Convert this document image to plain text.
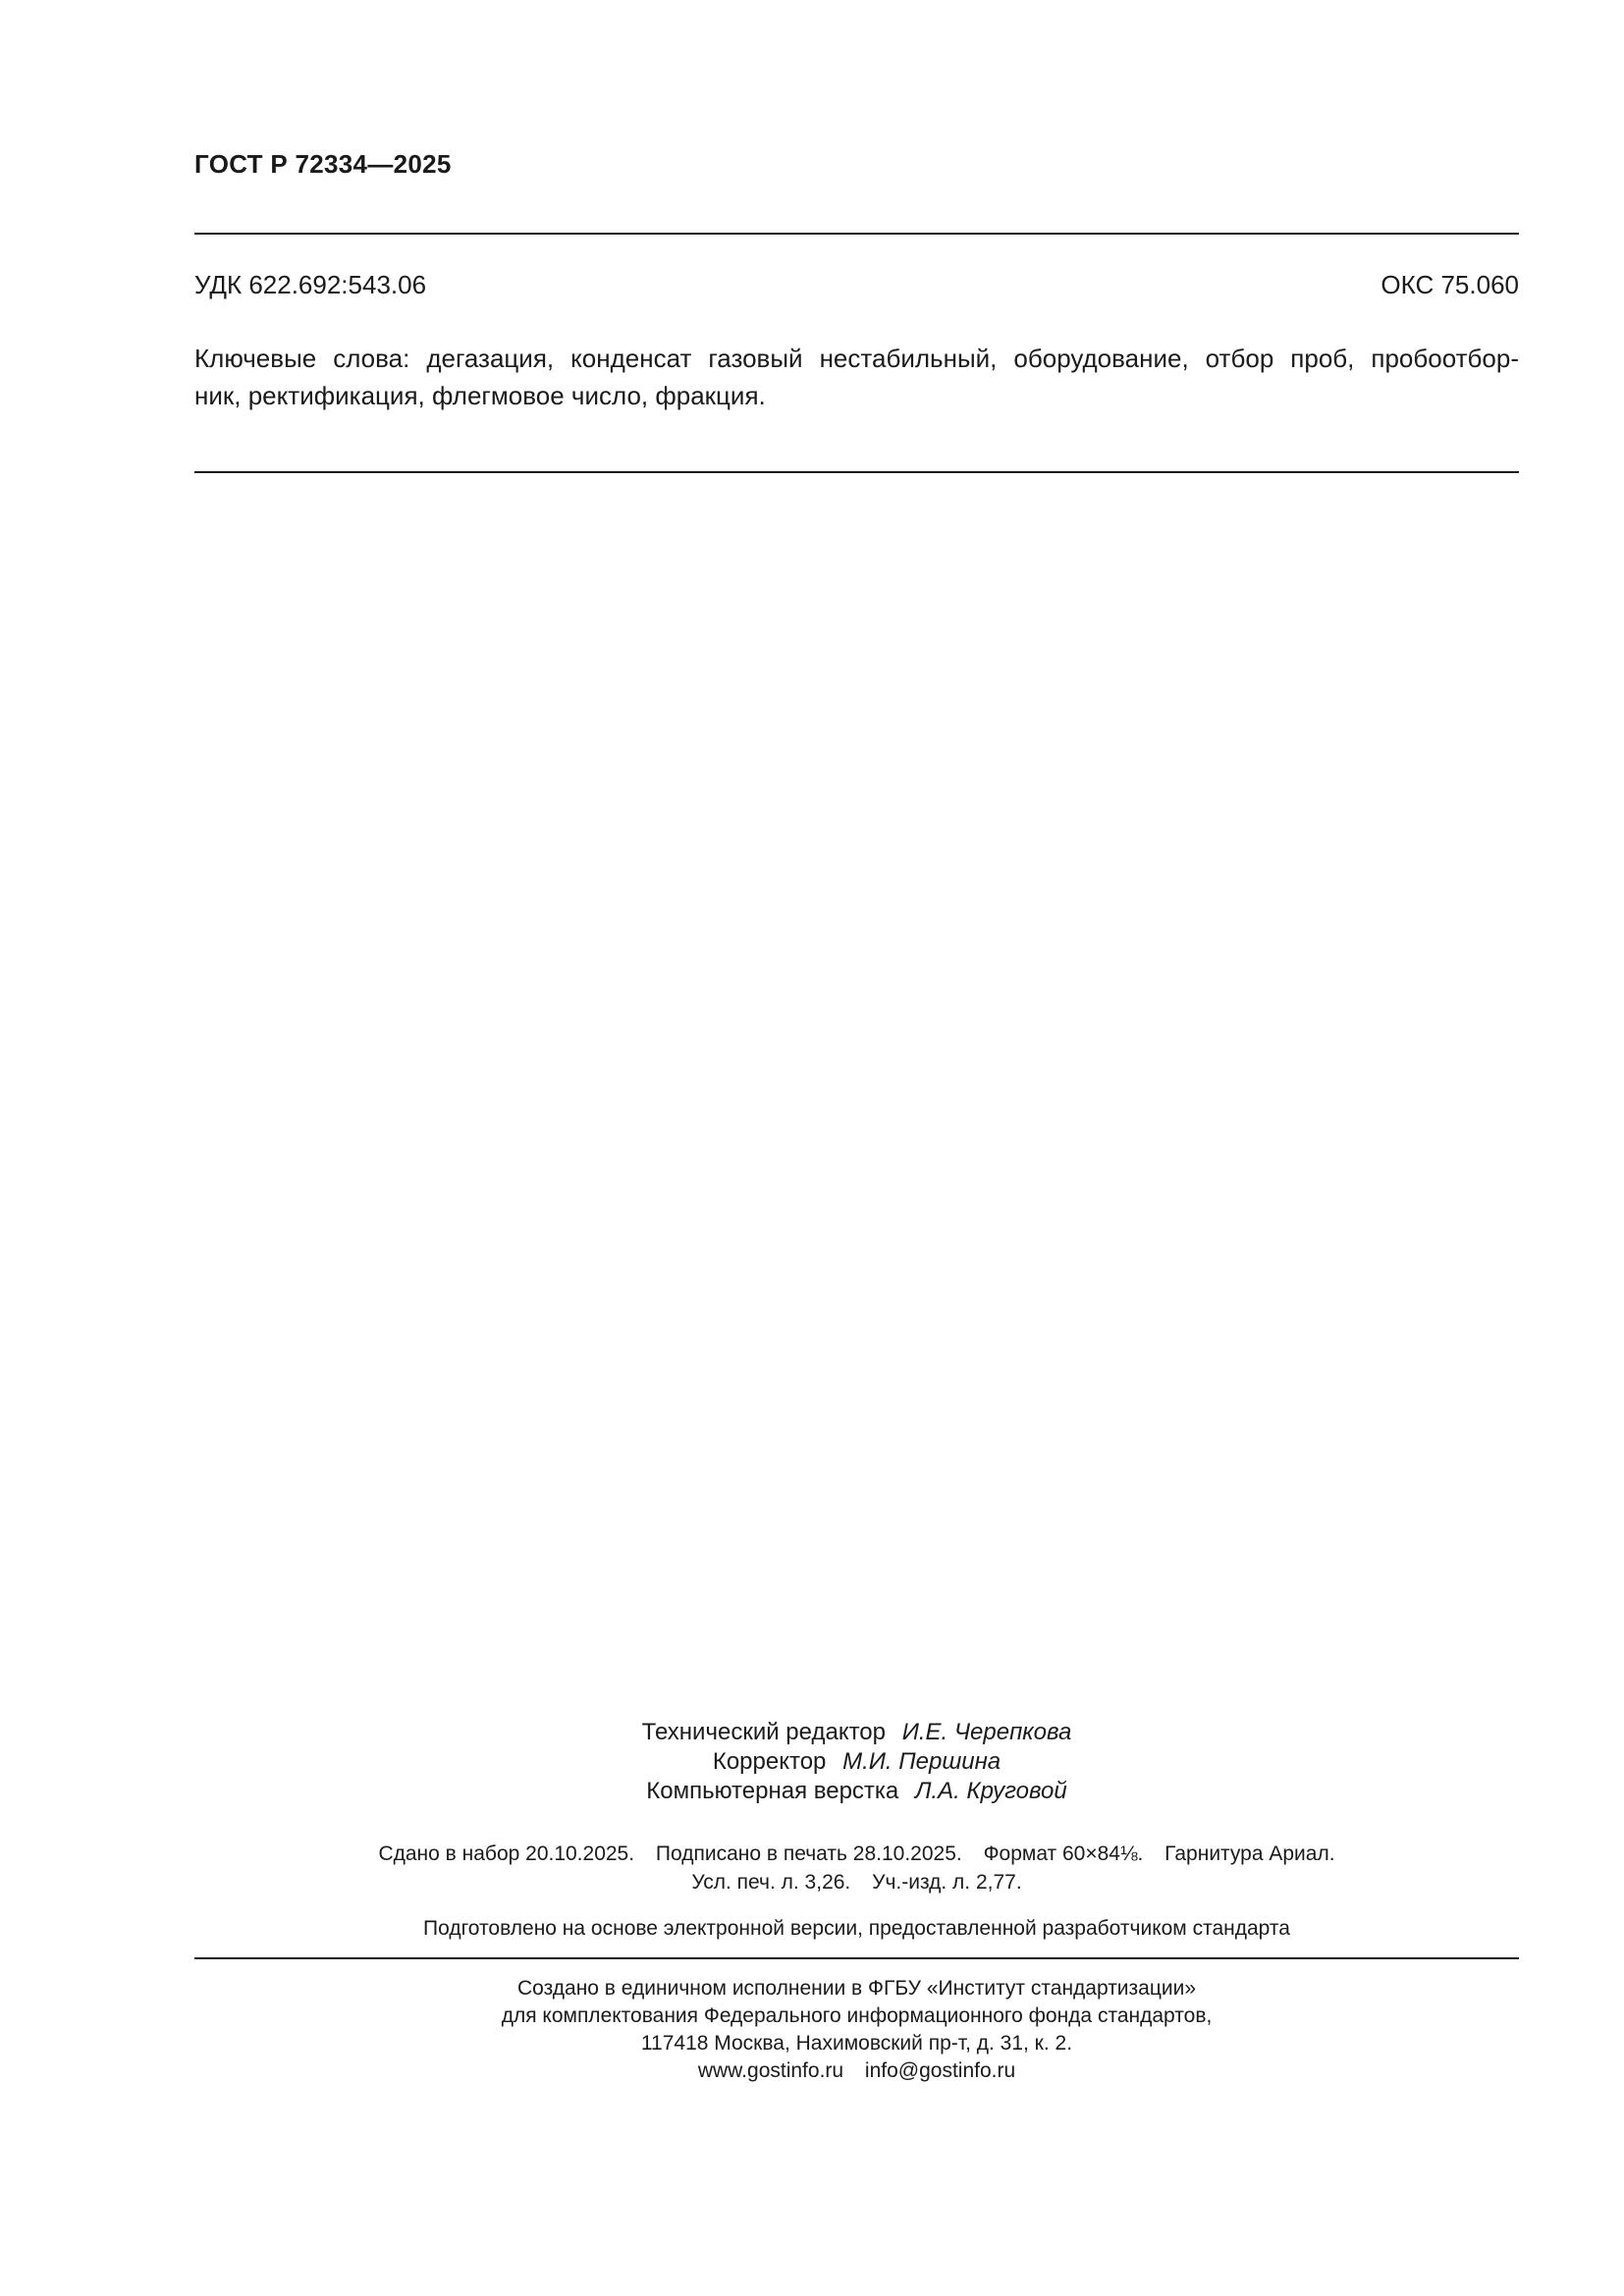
ГОСТ Р 72334—2025
УДК 622.692:543.06	ОКС 75.060
Ключевые слова: дегазация, конденсат газовый нестабильный, оборудование, отбор проб, пробоотбор-
ник, ректификация, флегмовое число, фракция.
Технический редактор И.Е. Черепкова
Корректор М.И. Першина
Компьютерная верстка Л.А. Круговой
Сдано в набор 20.10.2025. Подписано в печать 28.10.2025. Формат 60×84⅛. Гарнитура Ариал.
Усл. печ. л. 3,26. Уч.-изд. л. 2,77.
Подготовлено на основе электронной версии, предоставленной разработчиком стандарта
Создано в единичном исполнении в ФГБУ «Институт стандартизации»
для комплектования Федерального информационного фонда стандартов,
117418 Москва, Нахимовский пр-т, д. 31, к. 2.
www.gostinfo.ru info@gostinfo.ru
